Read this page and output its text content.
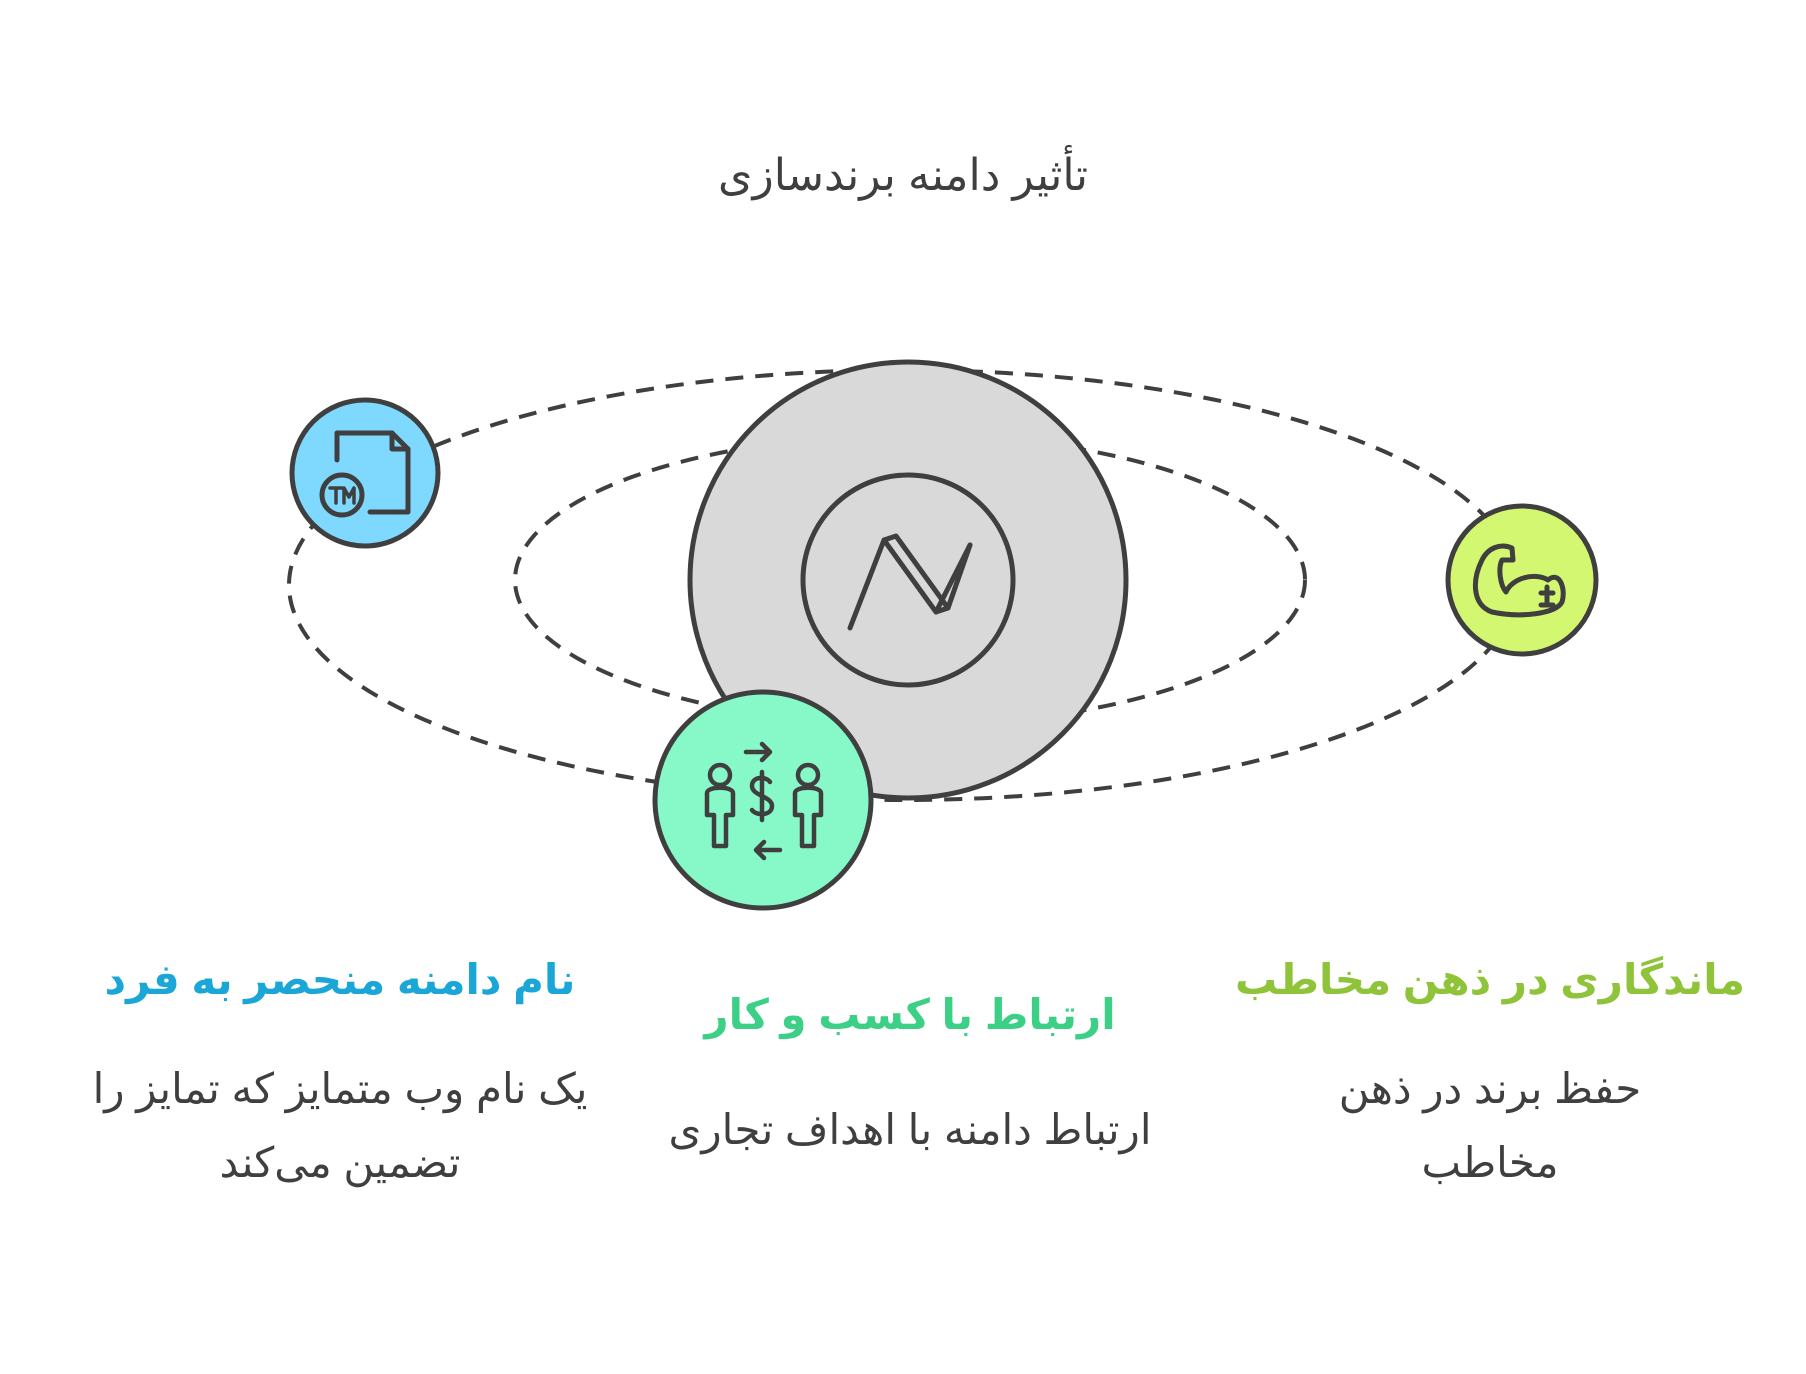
تأثیر دامنه برندسازی
نام دامنه منحصر به فرد
یک نام وب متمایز که تمایز را تضمین می‌کند
ارتباط با کسب و کار
ارتباط دامنه با اهداف تجاری
ماندگاری در ذهن مخاطب
حفظ برند در ذهن مخاطب
